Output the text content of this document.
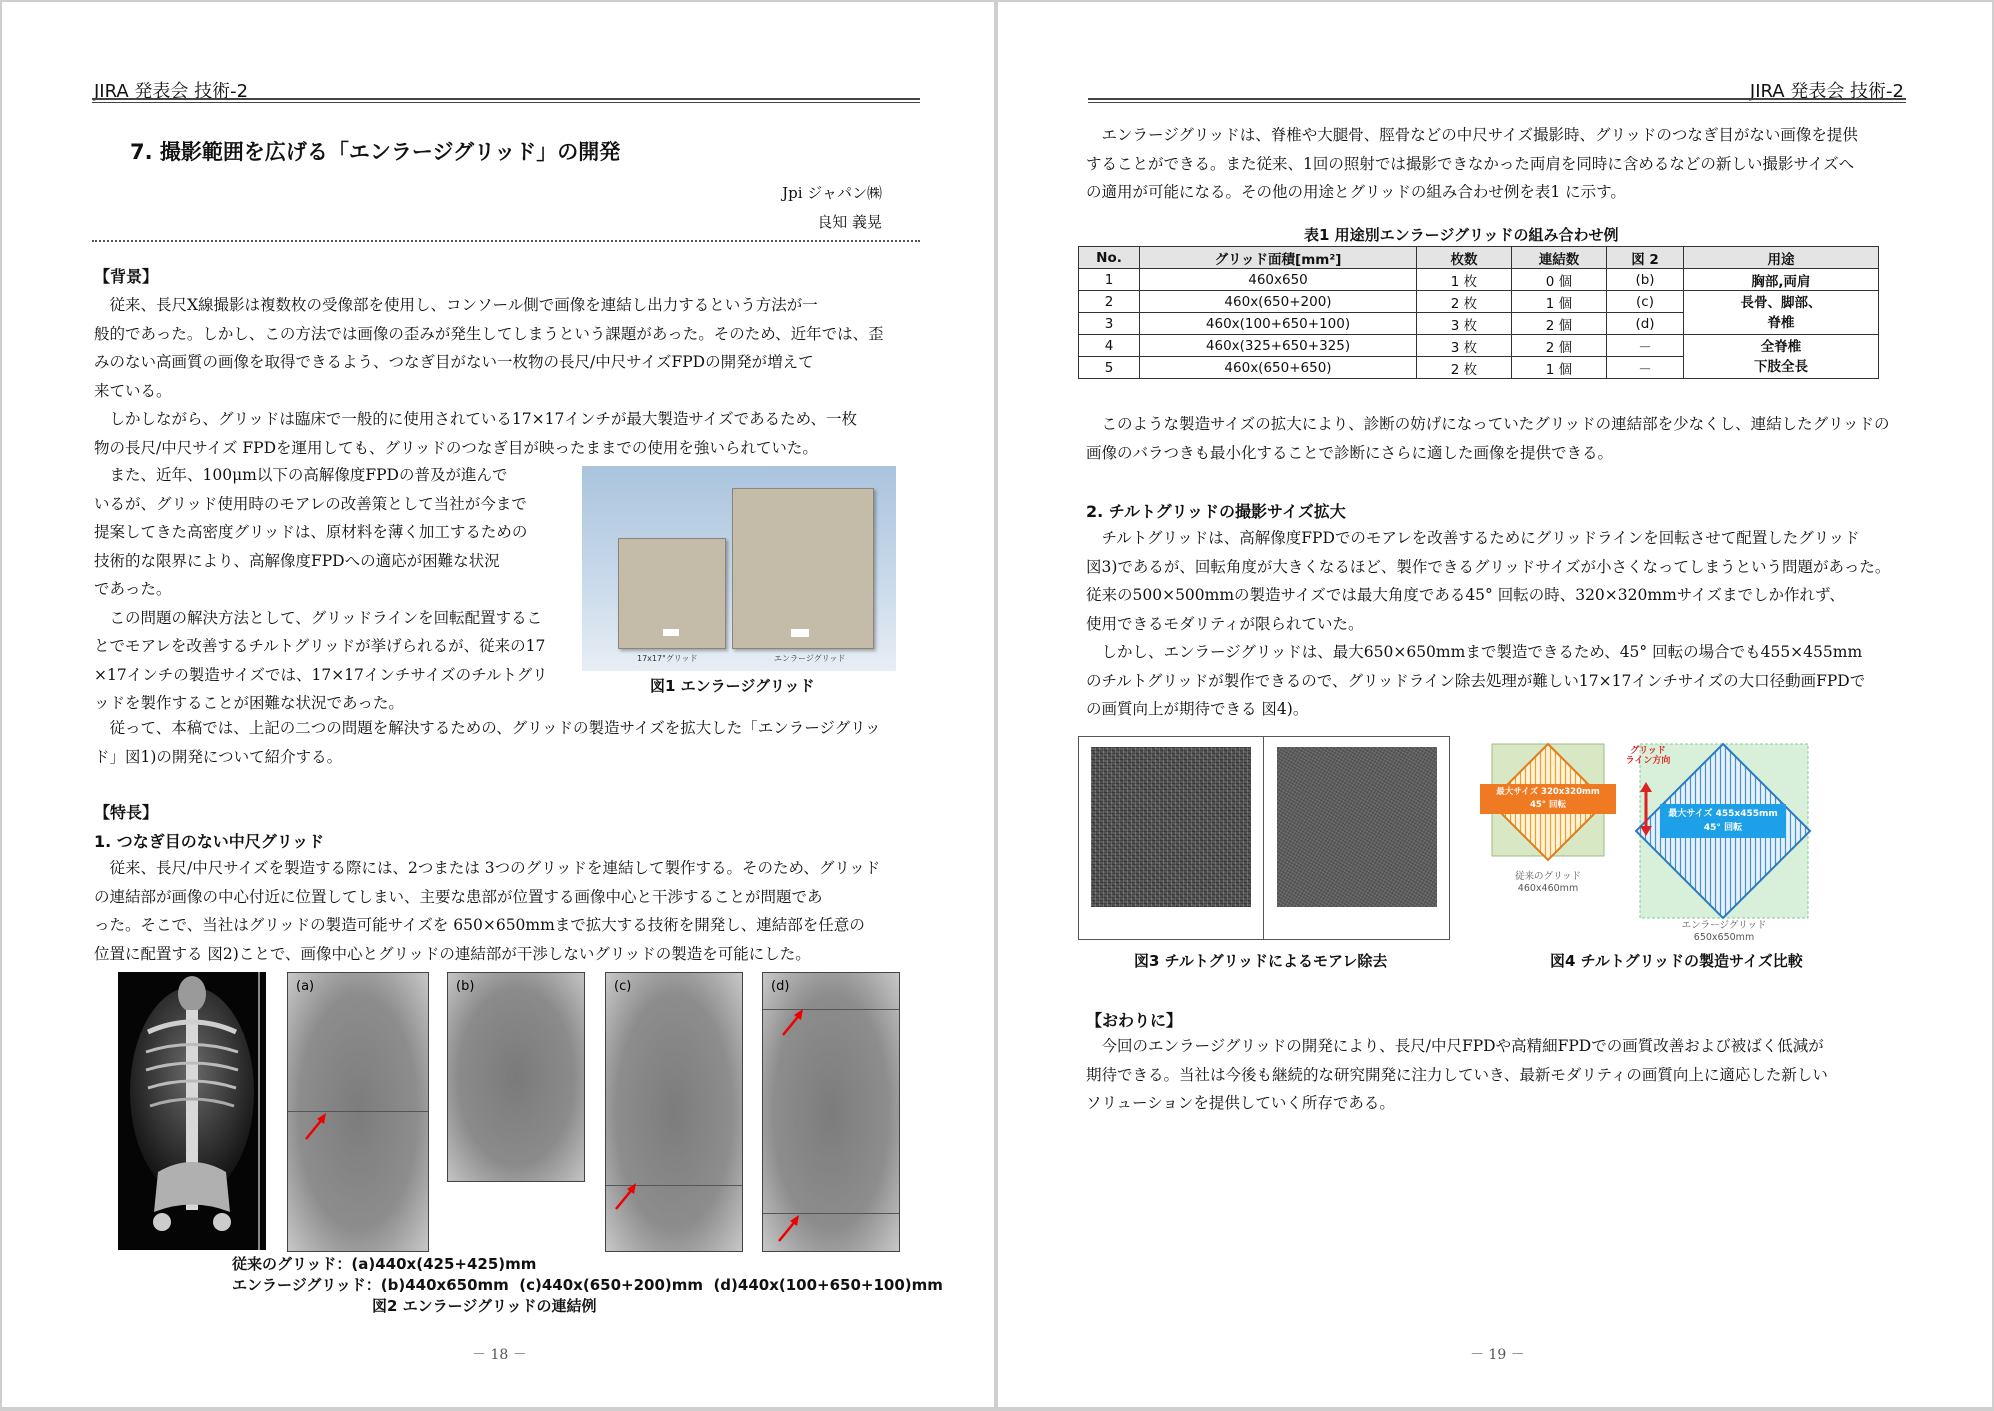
JIRA 発表会 技術-2
7. 撮影範囲を広げる「エンラージグリッド」の開発
Jpi ジャパン㈱
良知 義晃
【背景】
従来、長尺X線撮影は複数枚の受像部を使用し、コンソール側で画像を連結し出力するという方法が一
般的であった。しかし、この方法では画像の歪みが発生してしまうという課題があった。そのため、近年では、歪
みのない高画質の画像を取得できるよう、つなぎ目がない一枚物の長尺/中尺サイズFPDの開発が増えて
来ている。
しかしながら、グリッドは臨床で一般的に使用されている17×17インチが最大製造サイズであるため、一枚
物の長尺/中尺サイズ FPDを運用しても、グリッドのつなぎ目が映ったままでの使用を強いられていた。
また、近年、100μm以下の高解像度FPDの普及が進んで
いるが、グリッド使用時のモアレの改善策として当社が今まで
提案してきた高密度グリッドは、原材料を薄く加工するための
技術的な限界により、高解像度FPDへの適応が困難な状況
であった。
この問題の解決方法として、グリッドラインを回転配置するこ
とでモアレを改善するチルトグリッドが挙げられるが、従来の17
×17インチの製造サイズでは、17×17インチサイズのチルトグリ
ッドを製作することが困難な状況であった。
17x17"グリッド	エンラージグリッド
図1 エンラージグリッド
従って、本稿では、上記の二つの問題を解決するための、グリッドの製造サイズを拡大した「エンラージグリッ
ド」図1)の開発について紹介する。
【特長】
1. つなぎ目のない中尺グリッド
従来、長尺/中尺サイズを製造する際には、2つまたは 3つのグリッドを連結して製作する。そのため、グリッド
の連結部が画像の中心付近に位置してしまい、主要な患部が位置する画像中心と干渉することが問題であ
った。そこで、当社はグリッドの製造可能サイズを 650×650mmまで拡大する技術を開発し、連結部を任意の
位置に配置する 図2)ことで、画像中心とグリッドの連結部が干渉しないグリッドの製造を可能にした。
(a)	(b)	(c)	(d)
従来のグリッド：(a)440x(425+425)mm
エンラージグリッド：(b)440x650mm  (c)440x(650+200)mm  (d)440x(100+650+100)mm
図2 エンラージグリッドの連結例
－ 18 －
JIRA 発表会 技術-2
エンラージグリッドは、脊椎や大腿骨、脛骨などの中尺サイズ撮影時、グリッドのつなぎ目がない画像を提供
することができる。また従来、1回の照射では撮影できなかった両肩を同時に含めるなどの新しい撮影サイズへ
の適用が可能になる。その他の用途とグリッドの組み合わせ例を表1 に示す。
表1 用途別エンラージグリッドの組み合わせ例
No.	グリッド面積[mm²]	枚数	連結数	図 2	用途
1	460x650	1 枚	0 個	(b)	胸部,両肩
2	460x(650+200)	2 枚	1 個	(c)	長骨、脚部、
脊椎

3	460x(100+650+100)	3 枚	2 個	(d)	
4	460x(325+650+325)	3 枚	2 個	－	全脊椎
下肢全長

5	460x(650+650)	2 枚	1 個	－	
このような製造サイズの拡大により、診断の妨げになっていたグリッドの連結部を少なくし、連結したグリッドの
画像のバラつきも最小化することで診断にさらに適した画像を提供できる。
2. チルトグリッドの撮影サイズ拡大
チルトグリッドは、高解像度FPDでのモアレを改善するためにグリッドラインを回転させて配置したグリッド
図3)であるが、回転角度が大きくなるほど、製作できるグリッドサイズが小さくなってしまうという問題があった。
従来の500×500mmの製造サイズでは最大角度である45° 回転の時、320×320mmサイズまでしか作れず、
使用できるモダリティが限られていた。
しかし、エンラージグリッドは、最大650×650mmまで製造できるため、45° 回転の場合でも455×455mm
のチルトグリッドが製作できるので、グリッドライン除去処理が難しい17×17インチサイズの大口径動画FPDで
の画質向上が期待できる 図4)。
グリッド
ライン方向
最大サイズ 320x320mm
45° 回転
最大サイズ 455x455mm
45° 回転
従来のグリッド
460x460mm
エンラージグリッド
650x650mm
図3 チルトグリッドによるモアレ除去	図4 チルトグリッドの製造サイズ比較
【おわりに】
今回のエンラージグリッドの開発により、長尺/中尺FPDや高精細FPDでの画質改善および被ばく低減が
期待できる。当社は今後も継続的な研究開発に注力していき、最新モダリティの画質向上に適応した新しい
ソリューションを提供していく所存である。
－ 19 －
